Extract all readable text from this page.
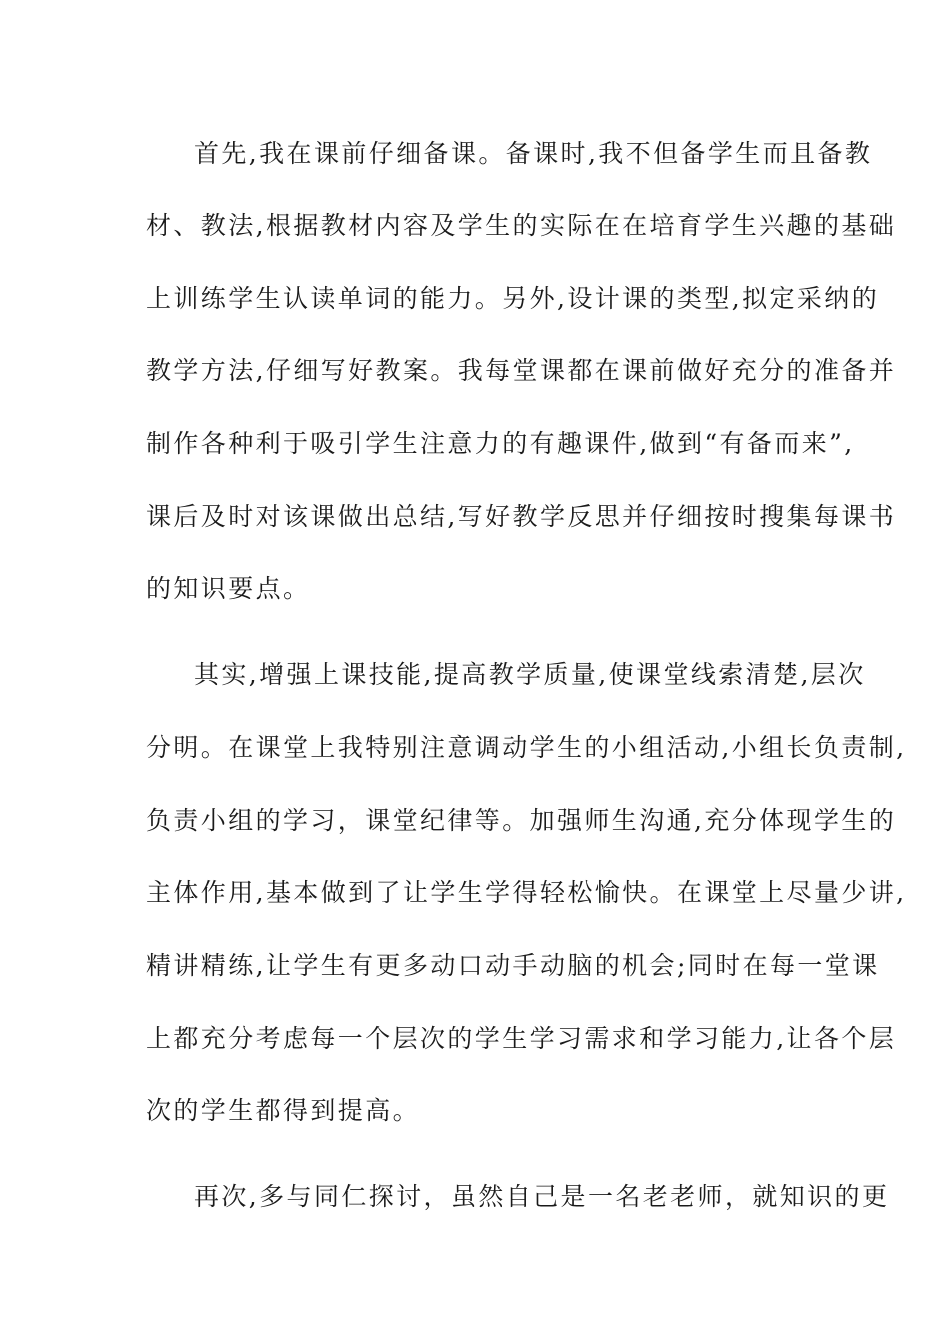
首先,我在课前仔细备课。备课时,我不但备学生而且备教
材、教法,根据教材内容及学生的实际在在培育学生兴趣的基础
上训练学生认读单词的能力。另外,设计课的类型,拟定采纳的
教学方法,仔细写好教案。我每堂课都在课前做好充分的准备并
制作各种利于吸引学生注意力的有趣课件,做到“有备而来”,
课后及时对该课做出总结,写好教学反思并仔细按时搜集每课书
的知识要点。
其实,增强上课技能,提高教学质量,使课堂线索清楚,层次
分明。在课堂上我特别注意调动学生的小组活动,小组长负责制,
负责小组的学习，课堂纪律等。加强师生沟通,充分体现学生的
主体作用,基本做到了让学生学得轻松愉快。在课堂上尽量少讲,
精讲精练,让学生有更多动口动手动脑的机会;同时在每一堂课
上都充分考虑每一个层次的学生学习需求和学习能力,让各个层
次的学生都得到提高。
再次,多与同仁探讨，虽然自己是一名老老师，就知识的更
